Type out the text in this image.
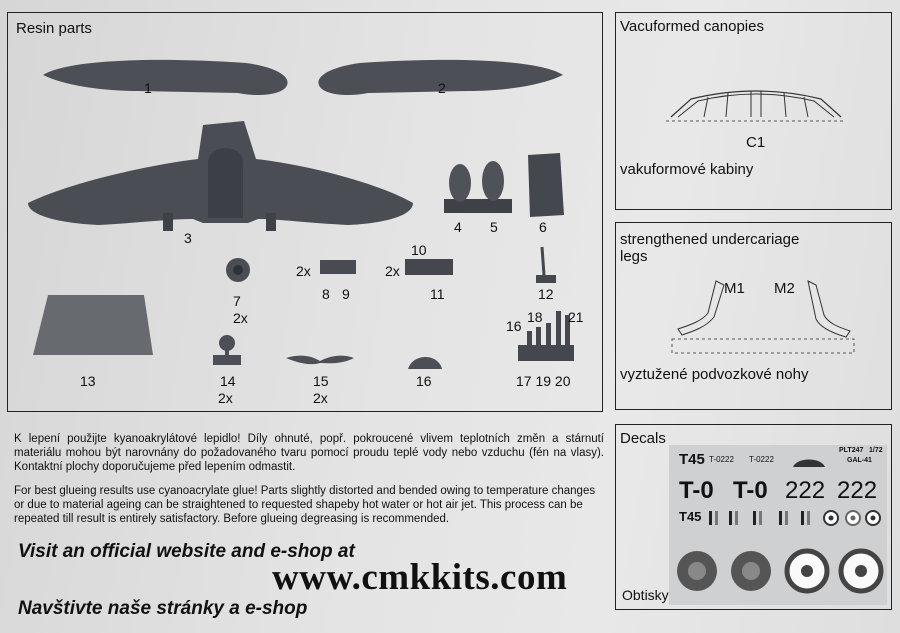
Resin parts
1	2
3
4 5	6
7
2x
2x
8 9
10
2x
11	12
13	14
2x
15
2x
16
16
18 21
17 19 20
Vacuformed canopies
C1
vakuformové kabiny
strengthened undercariage legs
M1 M2
vyztužené podvozkové nohy
Decals
T45 T-0222 T-0222
PLT247 1/72
GAL-41
T-0 T-0 222 222
T45
Obtisky
K lepení použijte kyanoakrylátové lepidlo! Díly ohnuté, popř. pokroucené vlivem teplotních změn a stárnutí materiálu mohou být narovnány do požadovaného tvaru pomocí proudu teplé vody nebo vzduchu (fén na vlasy). Kontaktní plochy doporučujeme před lepením odmastit.
For best glueing results use cyanoacrylate glue! Parts slightly distorted and bended owing to temperature changes or due to material ageing can be straightened to requested shapeby hot water or hot air jet. This process can be repeated till result is entirely satisfactory. Before glueing degreasing is recommended.
Visit an official website and e-shop at
www.cmkkits.com
Navštivte naše stránky a e-shop
